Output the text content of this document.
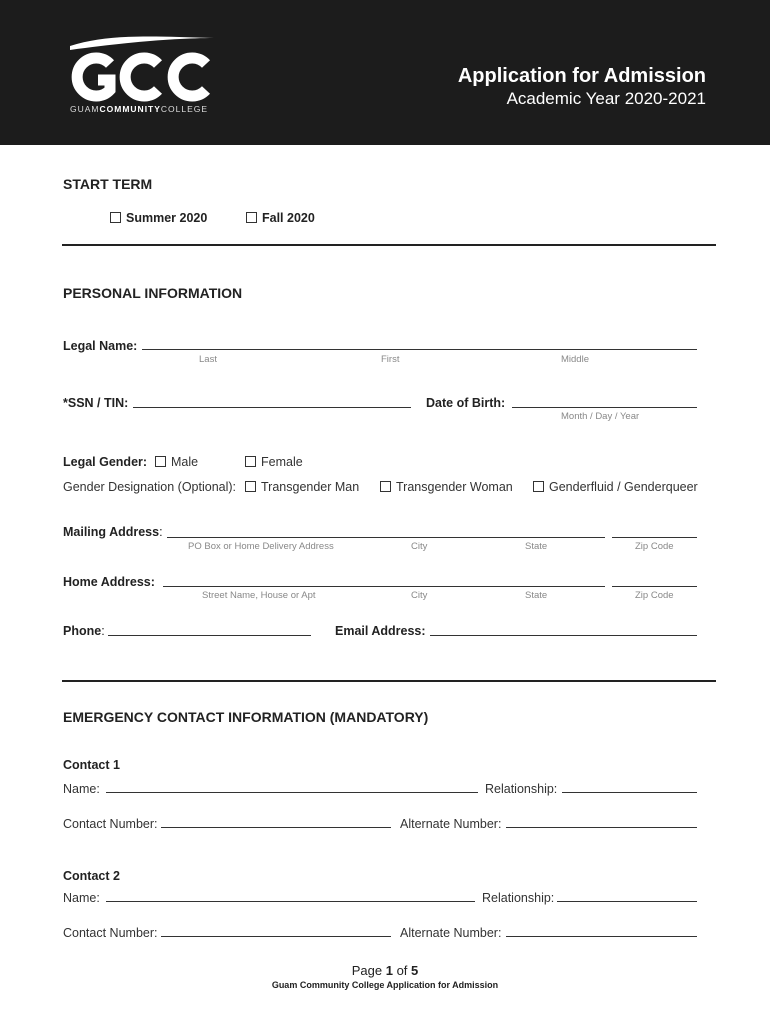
GUAMCOMMUNITYCOLLEGE
Application for Admission
Academic Year 2020-2021
START TERM
Summer 2020	Fall 2020
PERSONAL INFORMATION
Legal Name:
Last	First	Middle
*SSN / TIN:	Date of Birth:
Month / Day / Year
Legal Gender:	Male	Female
Gender Designation (Optional):	Transgender Man	Transgender Woman	Genderfluid / Genderqueer
Mailing Address:
PO Box or Home Delivery Address	City	State	Zip Code
Home Address:
Street Name, House or Apt	City	State	Zip Code
Phone:	Email Address:
EMERGENCY CONTACT INFORMATION (MANDATORY)
Contact 1
Name:	Relationship:
Contact Number:	Alternate Number:
Contact 2
Name:	Relationship:
Contact Number:	Alternate Number:
Page 1 of 5
Guam Community College Application for Admission
